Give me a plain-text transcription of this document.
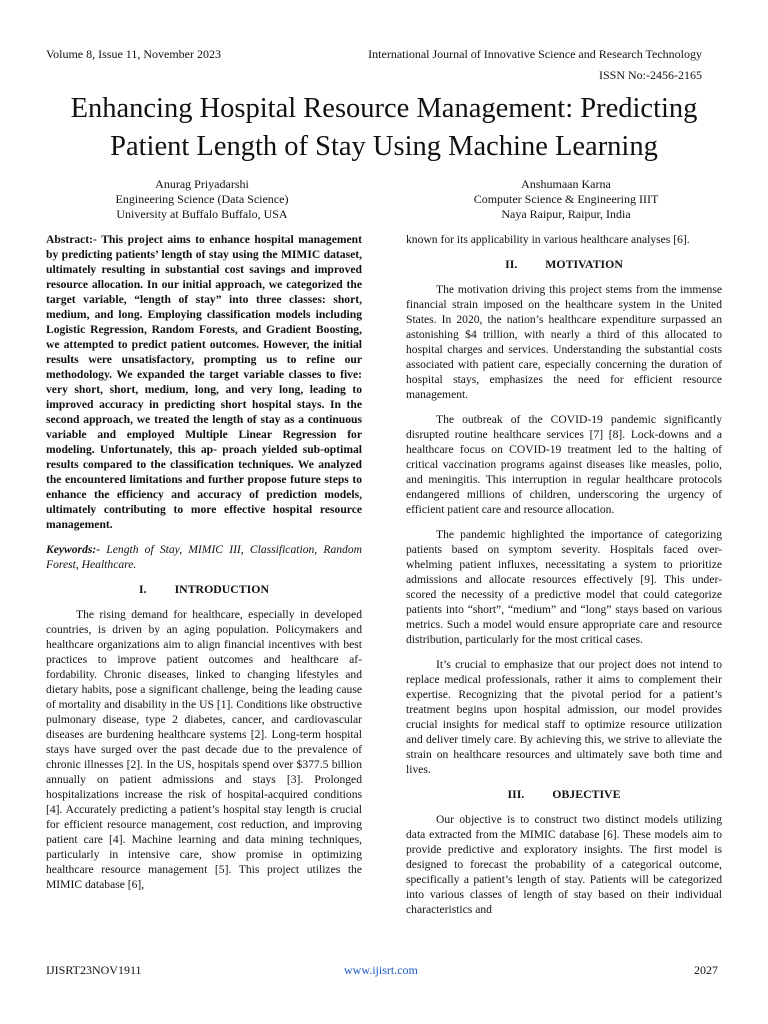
Volume 8, Issue 11, November 2023	International Journal of Innovative Science and Research Technology
ISSN No:-2456-2165
Enhancing Hospital Resource Management: Predicting Patient Length of Stay Using Machine Learning
Anurag Priyadarshi
Engineering Science (Data Science)
University at Buffalo Buffalo, USA
Anshumaan Karna
Computer Science & Engineering IIIT
Naya Raipur, Raipur, India

Abstract:- This project aims to enhance hospital management by predicting patients’ length of stay using the MIMIC dataset, ultimately resulting in substantial cost savings and improved resource allocation. In our initial approach, we categorized the target variable, “length of stay” into three classes: short, medium, and long. Employing classification models including Logistic Regression, Random Forests, and Gradient Boosting, we attempted to predict patient outcomes. However, the initial results were unsatisfactory, prompting us to refine our methodology. We expanded the target variable classes to five: very short, short, medium, long, and very long, leading to improved accuracy in predicting short hospital stays. In the second approach, we treated the length of stay as a continuous variable and employed Multiple Linear Regression for modeling. Unfortunately, this ap- proach yielded sub-optimal results compared to the classification techniques. We analyzed the encountered limitations and further propose future steps to enhance the efficiency and accuracy of prediction models, ultimately contributing to more effective hospital resource management.

Keywords:- Length of Stay, MIMIC III, Classification, Random Forest, Healthcare.

I. INTRODUCTION

The rising demand for healthcare, especially in developed countries, is driven by an aging population. Policymakers and healthcare organizations aim to align financial incentives with best practices to improve patient outcomes and healthcare af- fordability. Chronic diseases, linked to changing lifestyles and dietary habits, pose a significant challenge, being the leading cause of mortality and disability in the US [1]. Conditions like obstructive pulmonary disease, type 2 diabetes, cancer, and cardiovascular diseases are burdening healthcare systems [2]. Long-term hospital stays have surged over the past decade due to the prevalence of chronic illnesses [2]. In the US, hospitals spend over $377.5 billion annually on patient admissions and stays [3]. Prolonged hospitalizations increase the risk of hospital-acquired conditions [4]. Accurately predicting a patient’s hospital stay length is crucial for efficient resource management, cost reduction, and improving patient care [4]. Machine learning and data mining techniques, particularly in intensive care, show promise in optimizing healthcare resource management [5]. This project utilizes the MIMIC database [6],

known for its applicability in various healthcare analyses [6].

II. MOTIVATION

The motivation driving this project stems from the immense financial strain imposed on the healthcare system in the United States. In 2020, the nation’s healthcare expenditure surpassed an astonishing $4 trillion, with nearly a third of this allocated to hospital charges and services. Understanding the substantial costs associated with patient care, especially concerning the duration of hospital stays, emphasizes the need for efficient resource management.

The outbreak of the COVID-19 pandemic significantly disrupted routine healthcare services [7] [8]. Lock-downs and a healthcare focus on COVID-19 treatment led to the halting of critical vaccination programs against diseases like measles, polio, and meningitis. This interruption in regular healthcare protocols endangered millions of children, underscoring the urgency of efficient patient care and resource allocation.

The pandemic highlighted the importance of categorizing patients based on symptom severity. Hospitals faced over- whelming patient influxes, necessitating a system to prioritize admissions and allocate resources effectively [9]. This under- scored the necessity of a predictive model that could categorize patients into “short”, “medium” and “long” stays based on various metrics. Such a model would ensure appropriate care and resource distribution, particularly for the most critical cases.

It’s crucial to emphasize that our project does not intend to replace medical professionals, rather it aims to complement their expertise. Recognizing that the pivotal period for a patient’s treatment begins upon hospital admission, our model provides crucial insights for medical staff to optimize resource utilization and deliver timely care. By achieving this, we strive to alleviate the strain on healthcare resources and ultimately save both time and lives.

III. OBJECTIVE

Our objective is to construct two distinct models utilizing data extracted from the MIMIC database [6]. These models aim to provide predictive and exploratory insights. The first model is designed to forecast the probability of a categorical outcome, specifically a patient’s length of stay. Patients will be categorized into various classes of length of stay based on their individual characteristics and

IJISRT23NOV1911	www.ijisrt.com	2027
